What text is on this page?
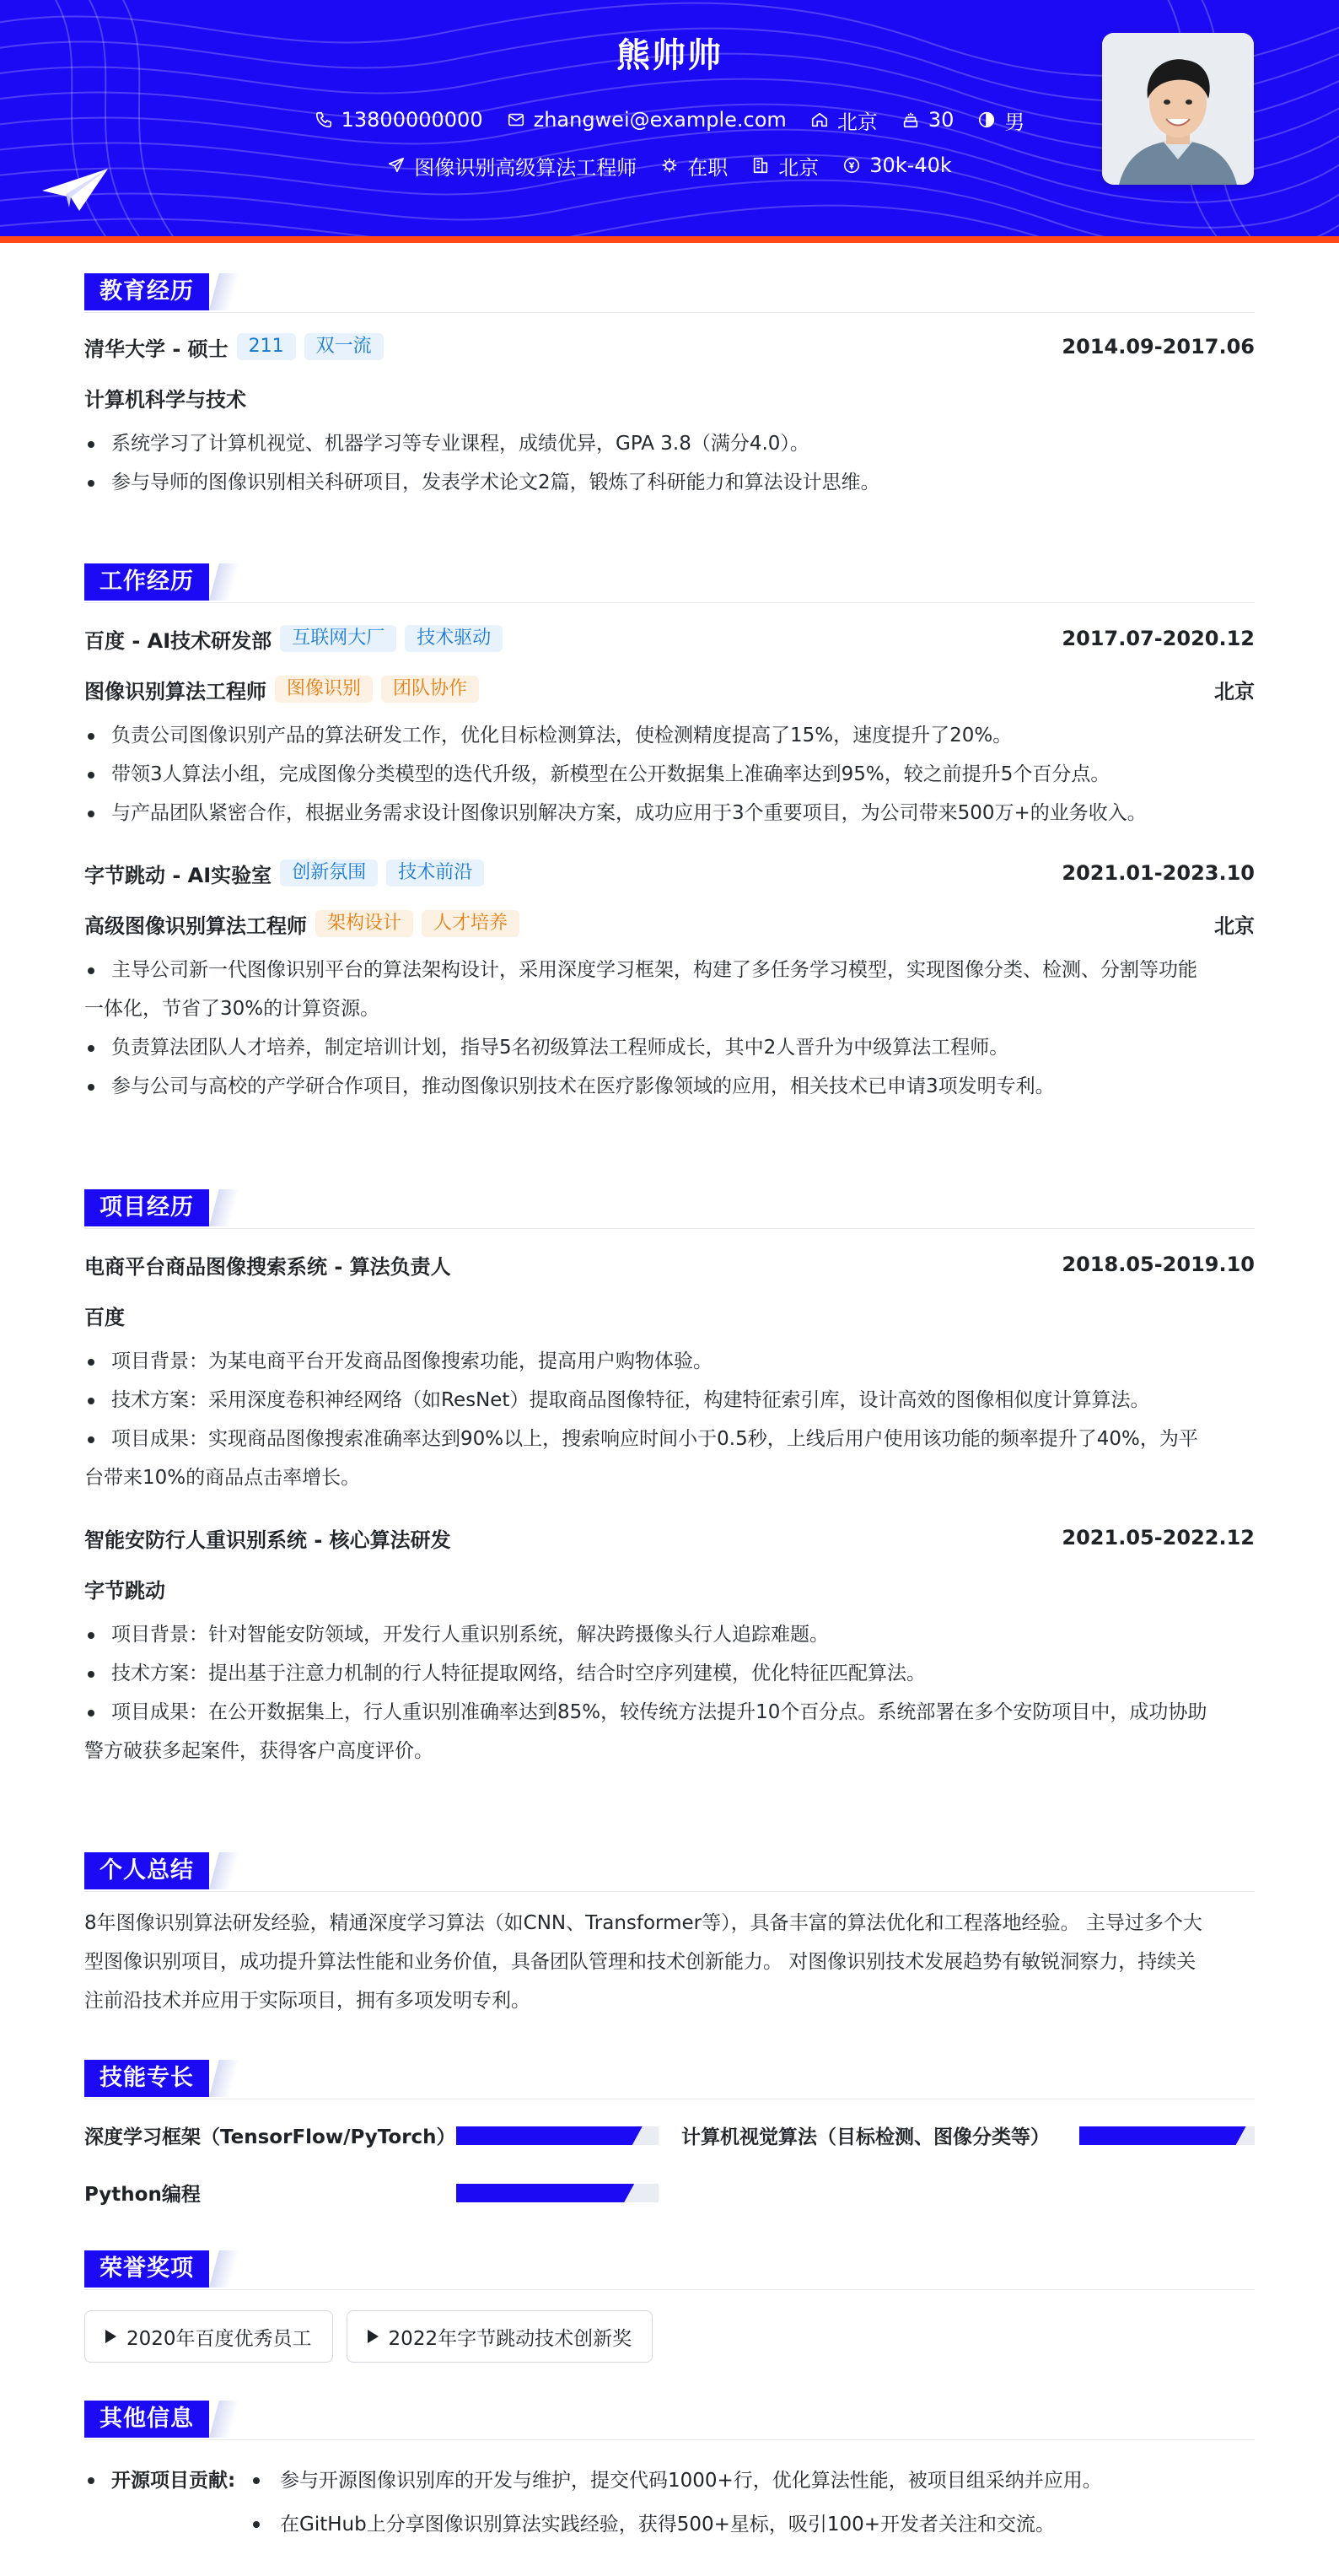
熊帅帅
13800000000	zhangwei@example.com	北京	30	男
图像识别高级算法工程师	在职	北京	30k-40k
教育经历
清华大学 - 硕士	211	双一流	2014.09-2017.06
计算机科学与技术
系统学习了计算机视觉、机器学习等专业课程，成绩优异，GPA 3.8（满分4.0）。
参与导师的图像识别相关科研项目，发表学术论文2篇，锻炼了科研能力和算法设计思维。
工作经历
百度 - AI技术研发部	互联网大厂	技术驱动	2017.07-2020.12
图像识别算法工程师	图像识别	团队协作	北京
负责公司图像识别产品的算法研发工作，优化目标检测算法，使检测精度提高了15%，速度提升了20%。
带领3人算法小组，完成图像分类模型的迭代升级，新模型在公开数据集上准确率达到95%，较之前提升5个百分点。
与产品团队紧密合作，根据业务需求设计图像识别解决方案，成功应用于3个重要项目，为公司带来500万+的业务收入。
字节跳动 - AI实验室	创新氛围	技术前沿	2021.01-2023.10
高级图像识别算法工程师	架构设计	人才培养	北京
主导公司新一代图像识别平台的算法架构设计，采用深度学习框架，构建了多任务学习模型，实现图像分类、检测、分割等功能
一体化，节省了30%的计算资源。
负责算法团队人才培养，制定培训计划，指导5名初级算法工程师成长，其中2人晋升为中级算法工程师。
参与公司与高校的产学研合作项目，推动图像识别技术在医疗影像领域的应用，相关技术已申请3项发明专利。
项目经历
电商平台商品图像搜索系统 - 算法负责人	2018.05-2019.10
百度
项目背景：为某电商平台开发商品图像搜索功能，提高用户购物体验。
技术方案：采用深度卷积神经网络（如ResNet）提取商品图像特征，构建特征索引库，设计高效的图像相似度计算算法。
项目成果：实现商品图像搜索准确率达到90%以上，搜索响应时间小于0.5秒，上线后用户使用该功能的频率提升了40%，为平
台带来10%的商品点击率增长。
智能安防行人重识别系统 - 核心算法研发	2021.05-2022.12
字节跳动
项目背景：针对智能安防领域，开发行人重识别系统，解决跨摄像头行人追踪难题。
技术方案：提出基于注意力机制的行人特征提取网络，结合时空序列建模，优化特征匹配算法。
项目成果：在公开数据集上，行人重识别准确率达到85%，较传统方法提升10个百分点。系统部署在多个安防项目中，成功协助
警方破获多起案件，获得客户高度评价。
个人总结
8年图像识别算法研发经验，精通深度学习算法（如CNN、Transformer等），具备丰富的算法优化和工程落地经验。 主导过多个大
型图像识别项目，成功提升算法性能和业务价值，具备团队管理和技术创新能力。 对图像识别技术发展趋势有敏锐洞察力，持续关
注前沿技术并应用于实际项目，拥有多项发明专利。
技能专长
深度学习框架（TensorFlow/PyTorch）	计算机视觉算法（目标检测、图像分类等）
Python编程
荣誉奖项
2020年百度优秀员工	2022年字节跳动技术创新奖
其他信息
开源项目贡献: 参与开源图像识别库的开发与维护，提交代码1000+行，优化算法性能，被项目组采纳并应用。
在GitHub上分享图像识别算法实践经验，获得500+星标，吸引100+开发者关注和交流。
